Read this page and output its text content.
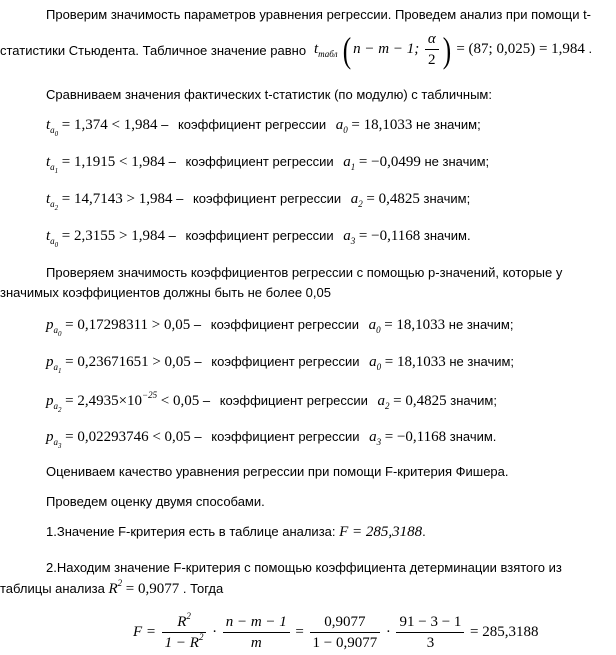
Проверим значимость параметров уравнения регрессии. Проведем анализ при помощи t-
статистики Стьюдента. Табличное значение равно $t_{табл}$ ( n − m − 1; $\frac{\alpha}{2}$ ) = (87; 0,025) = 1,984 .
Сравниваем значения фактических t-статистик (по модулю) с табличным:
$t_{a0} = 1,374 < 1,984$ – коэффициент регрессии $a_0 = 18,1033$ не значим;
$t_{a1} = 1,1915 < 1,984$ – коэффициент регрессии $a_1 = -0,0499$ не значим;
$t_{a2} = 14,7143 > 1,984$ – коэффициент регрессии $a_2 = 0,4825$ значим;
$t_{a0} = 2,3155 > 1,984$ – коэффициент регрессии $a_3 = -0,1168$ значим.
Проверяем значимость коэффициентов регрессии с помощью p-значений, которые у
значимых коэффициентов должны быть не более 0,05
$p_{a0} = 0,17298311 > 0,05$ – коэффициент регрессии $a_0 = 18,1033$ не значим;
$p_{a1} = 0,23671651 > 0,05$ – коэффициент регрессии $a_0 = 18,1033$ не значим;
$p_{a2} = 2,4935\times 10^{-25} < 0,05$ – коэффициент регрессии $a_2 = 0,4825$ значим;
$p_{a3} = 0,02293746 < 0,05$ – коэффициент регрессии $a_3 = -0,1168$ значим.
Оцениваем качество уравнения регрессии при помощи F-критерия Фишера.
Проведем оценку двумя способами.
1.Значение F-критерия есть в таблице анализа: F = 285,3188.
2.Находим значение F-критерия с помощью коэффициента детерминации взятого из
таблицы анализа $R^2 = 0,9077$ . Тогда
$F = \frac{R^2}{1 - R^2} \cdot \frac{n - m - 1}{m} = \frac{0,9077}{1 - 0,9077} \cdot \frac{91 - 3 - 1}{3} = 285,3188$
